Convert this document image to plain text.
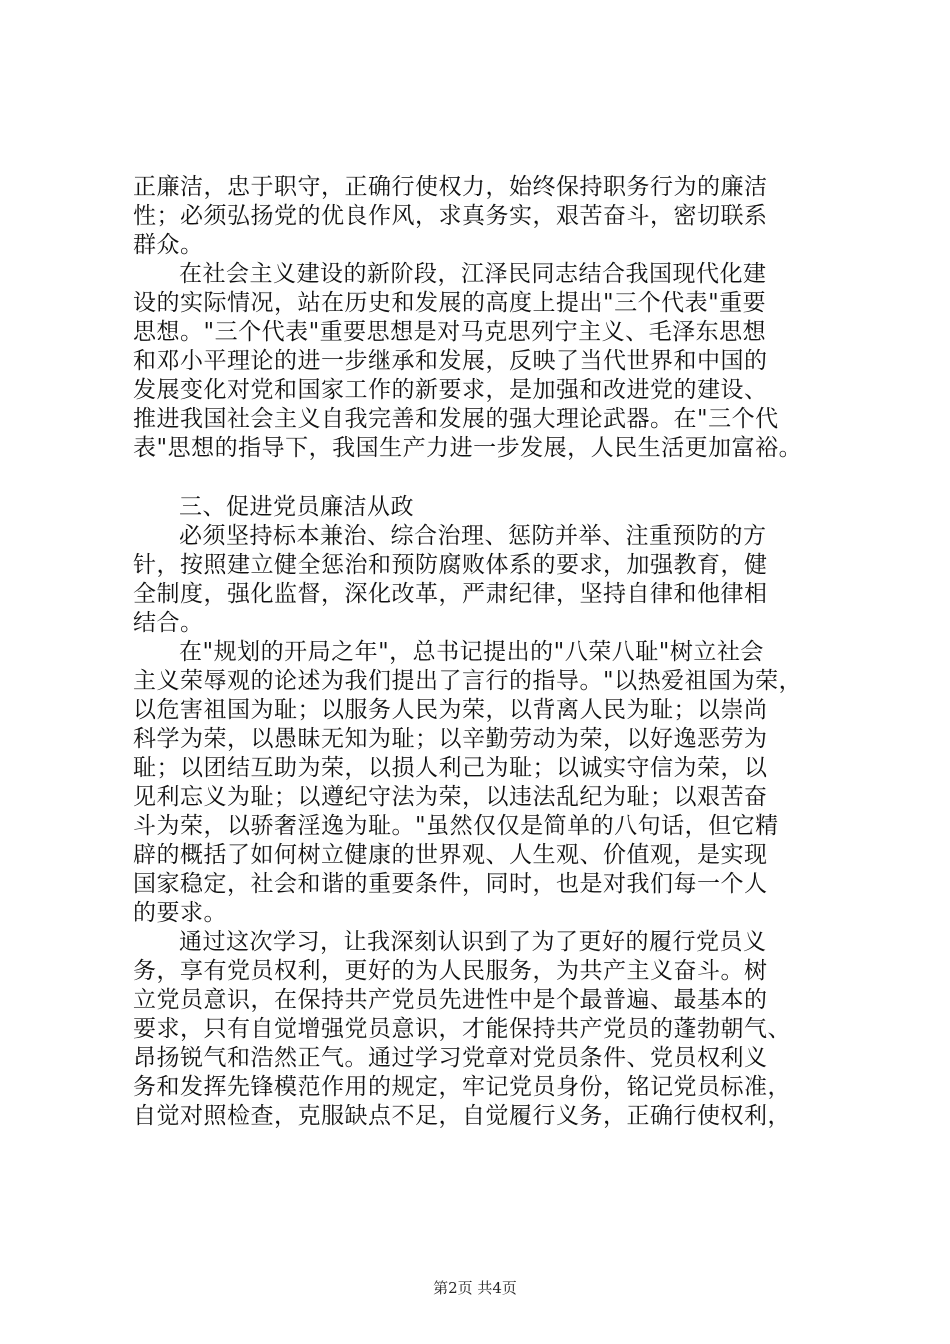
正廉洁，忠于职守，正确行使权力，始终保持职务行为的廉洁
性；必须弘扬党的优良作风，求真务实，艰苦奋斗，密切联系
群众。
在社会主义建设的新阶段，江泽民同志结合我国现代化建
设的实际情况，站在历史和发展的高度上提出"三个代表"重要
思想。"三个代表"重要思想是对马克思列宁主义、毛泽东思想
和邓小平理论的进一步继承和发展，反映了当代世界和中国的
发展变化对党和国家工作的新要求，是加强和改进党的建设、
推进我国社会主义自我完善和发展的强大理论武器。在"三个代
表"思想的指导下，我国生产力进一步发展，人民生活更加富裕。
三、促进党员廉洁从政
必须坚持标本兼治、综合治理、惩防并举、注重预防的方
针，按照建立健全惩治和预防腐败体系的要求，加强教育，健
全制度，强化监督，深化改革，严肃纪律，坚持自律和他律相
结合。
在"规划的开局之年"，总书记提出的"八荣八耻"树立社会
主义荣辱观的论述为我们提出了言行的指导。"以热爱祖国为荣，
以危害祖国为耻；以服务人民为荣，以背离人民为耻；以崇尚
科学为荣，以愚昧无知为耻；以辛勤劳动为荣，以好逸恶劳为
耻；以团结互助为荣，以损人利己为耻；以诚实守信为荣，以
见利忘义为耻；以遵纪守法为荣，以违法乱纪为耻；以艰苦奋
斗为荣，以骄奢淫逸为耻。"虽然仅仅是简单的八句话，但它精
辟的概括了如何树立健康的世界观、人生观、价值观，是实现
国家稳定，社会和谐的重要条件，同时，也是对我们每一个人
的要求。
通过这次学习，让我深刻认识到了为了更好的履行党员义
务，享有党员权利，更好的为人民服务，为共产主义奋斗。树
立党员意识，在保持共产党员先进性中是个最普遍、最基本的
要求，只有自觉增强党员意识，才能保持共产党员的蓬勃朝气、
昂扬锐气和浩然正气。通过学习党章对党员条件、党员权利义
务和发挥先锋模范作用的规定，牢记党员身份，铭记党员标准，
自觉对照检查，克服缺点不足，自觉履行义务，正确行使权利，
第2页 共4页
